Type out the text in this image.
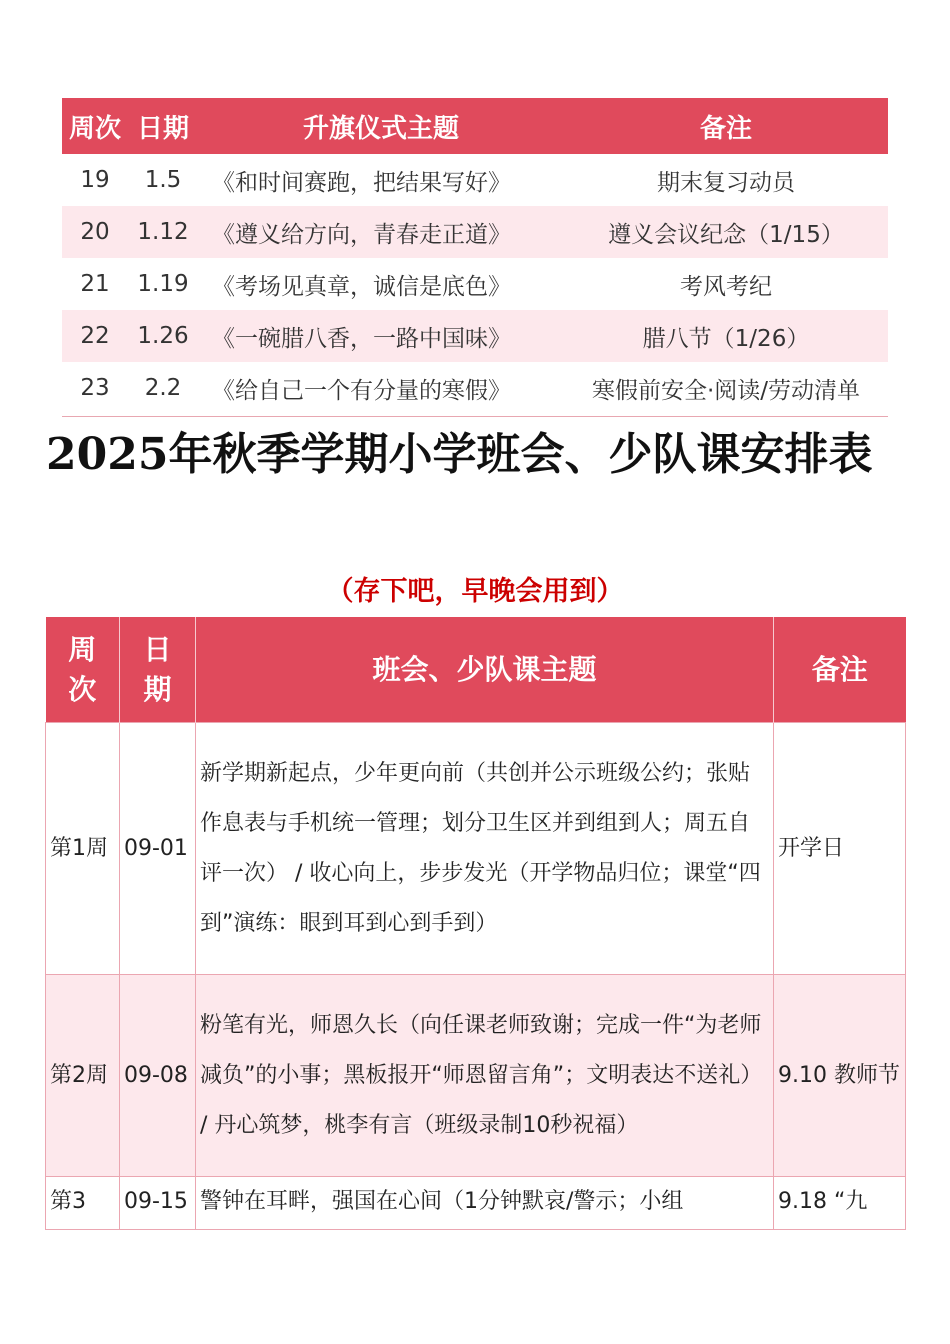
周次	日期	升旗仪式主题	备注
19	1.5	《和时间赛跑，把结果写好》	期末复习动员
20	1.12	《遵义给方向，青春走正道》	遵义会议纪念（1/15）
21	1.19	《考场见真章，诚信是底色》	考风考纪
22	1.26	《一碗腊八香，一路中国味》	腊八节（1/26）
23	2.2	《给自己一个有分量的寒假》	寒假前安全·阅读/劳动清单
2025年秋季学期小学班会、少队课安排表
（存下吧，早晚会用到）
周次	日期	班会、少队课主题	备注
第1周	09-01	新学期新起点，少年更向前（共创并公示班级公约；张贴作息表与手机统一管理；划分卫生区并到组到人；周五自评一次） / 收心向上，步步发光（开学物品归位；课堂“四到”演练：眼到耳到心到手到）	开学日
第2周	09-08	粉笔有光，师恩久长（向任课老师致谢；完成一件“为老师减负”的小事；黑板报开“师恩留言角”；文明表达不送礼） / 丹心筑梦，桃李有言（班级录制10秒祝福）	9.10 教师节
第3	09-15	警钟在耳畔，强国在心间（1分钟默哀/警示；小组	9.18 “九
